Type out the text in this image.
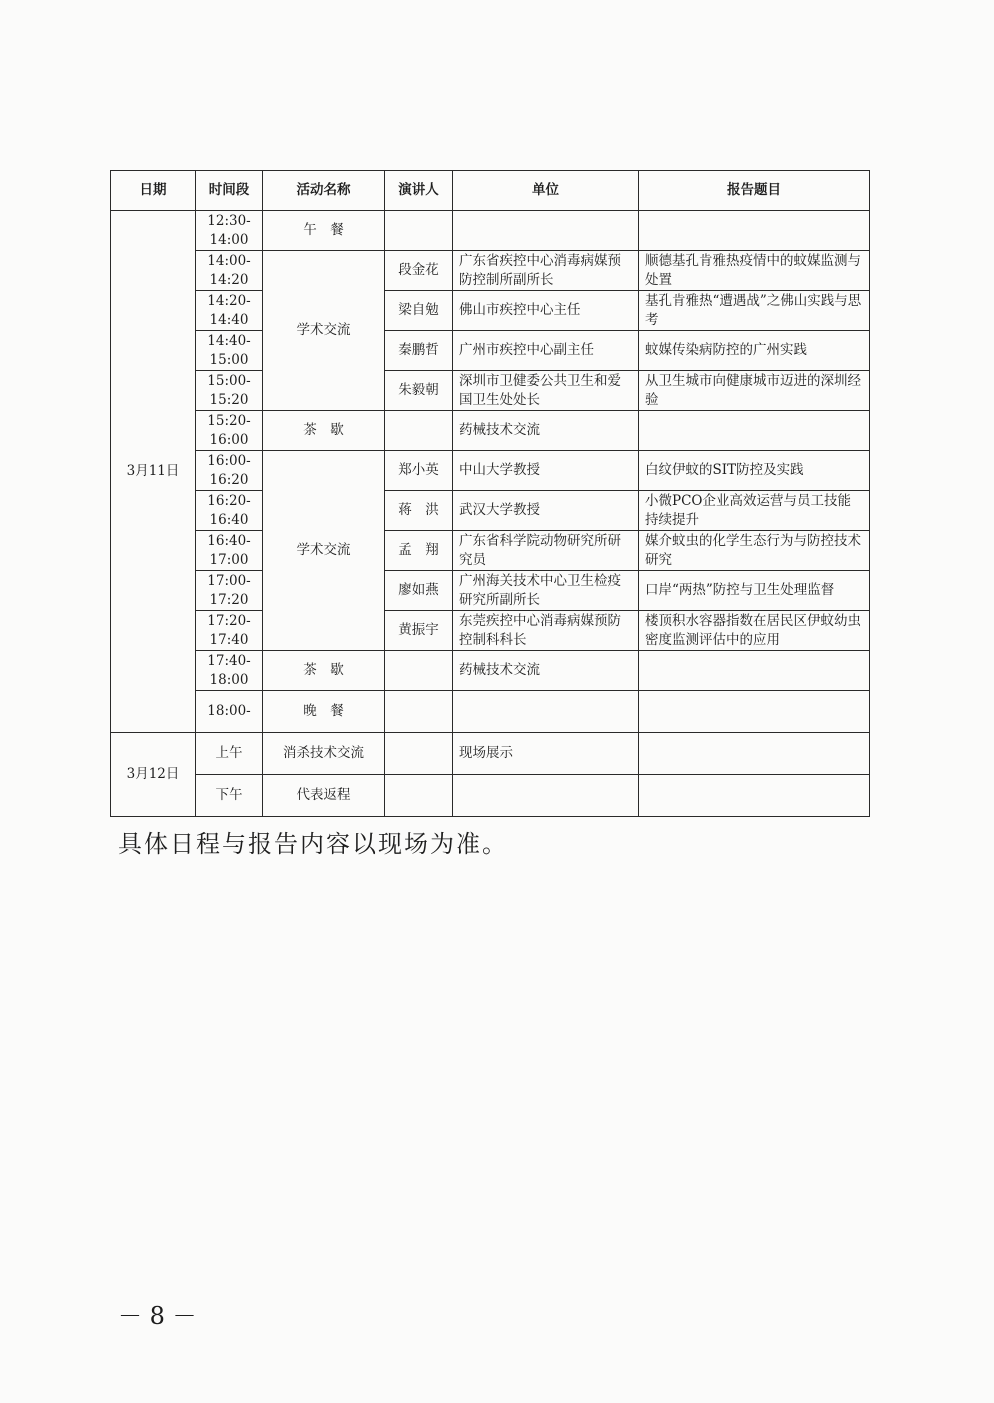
日期	时间段	活动名称	演讲人	单位	报告题目
3月11日	12:30-14:00	午　餐			
	14:00-14:20	学术交流	段金花	广东省疾控中心消毒病媒预防控制所副所长	顺德基孔肯雅热疫情中的蚊媒监测与处置
	14:20-14:40		梁自勉	佛山市疾控中心主任	基孔肯雅热“遭遇战”之佛山实践与思考
	14:40-15:00		秦鹏哲	广州市疾控中心副主任	蚊媒传染病防控的广州实践
	15:00-15:20		朱毅朝	深圳市卫健委公共卫生和爱国卫生处处长	从卫生城市向健康城市迈进的深圳经验
	15:20-16:00	茶　歇		药械技术交流	
	16:00-16:20	学术交流	郑小英	中山大学教授	白纹伊蚊的SIT防控及实践
	16:20-16:40		蒋　洪	武汉大学教授	小微PCO企业高效运营与员工技能持续提升
	16:40-17:00		孟　翔	广东省科学院动物研究所研究员	媒介蚊虫的化学生态行为与防控技术研究
	17:00-17:20		廖如燕	广州海关技术中心卫生检疫研究所副所长	口岸“两热”防控与卫生处理监督
	17:20-17:40		黄振宇	东莞疾控中心消毒病媒预防控制科科长	楼顶积水容器指数在居民区伊蚊幼虫密度监测评估中的应用
	17:40-18:00	茶　歇		药械技术交流	
	18:00-	晚　餐			
3月12日	上午	消杀技术交流		现场展示	
	下午	代表返程			
具体日程与报告内容以现场为准。
－ 8 －
